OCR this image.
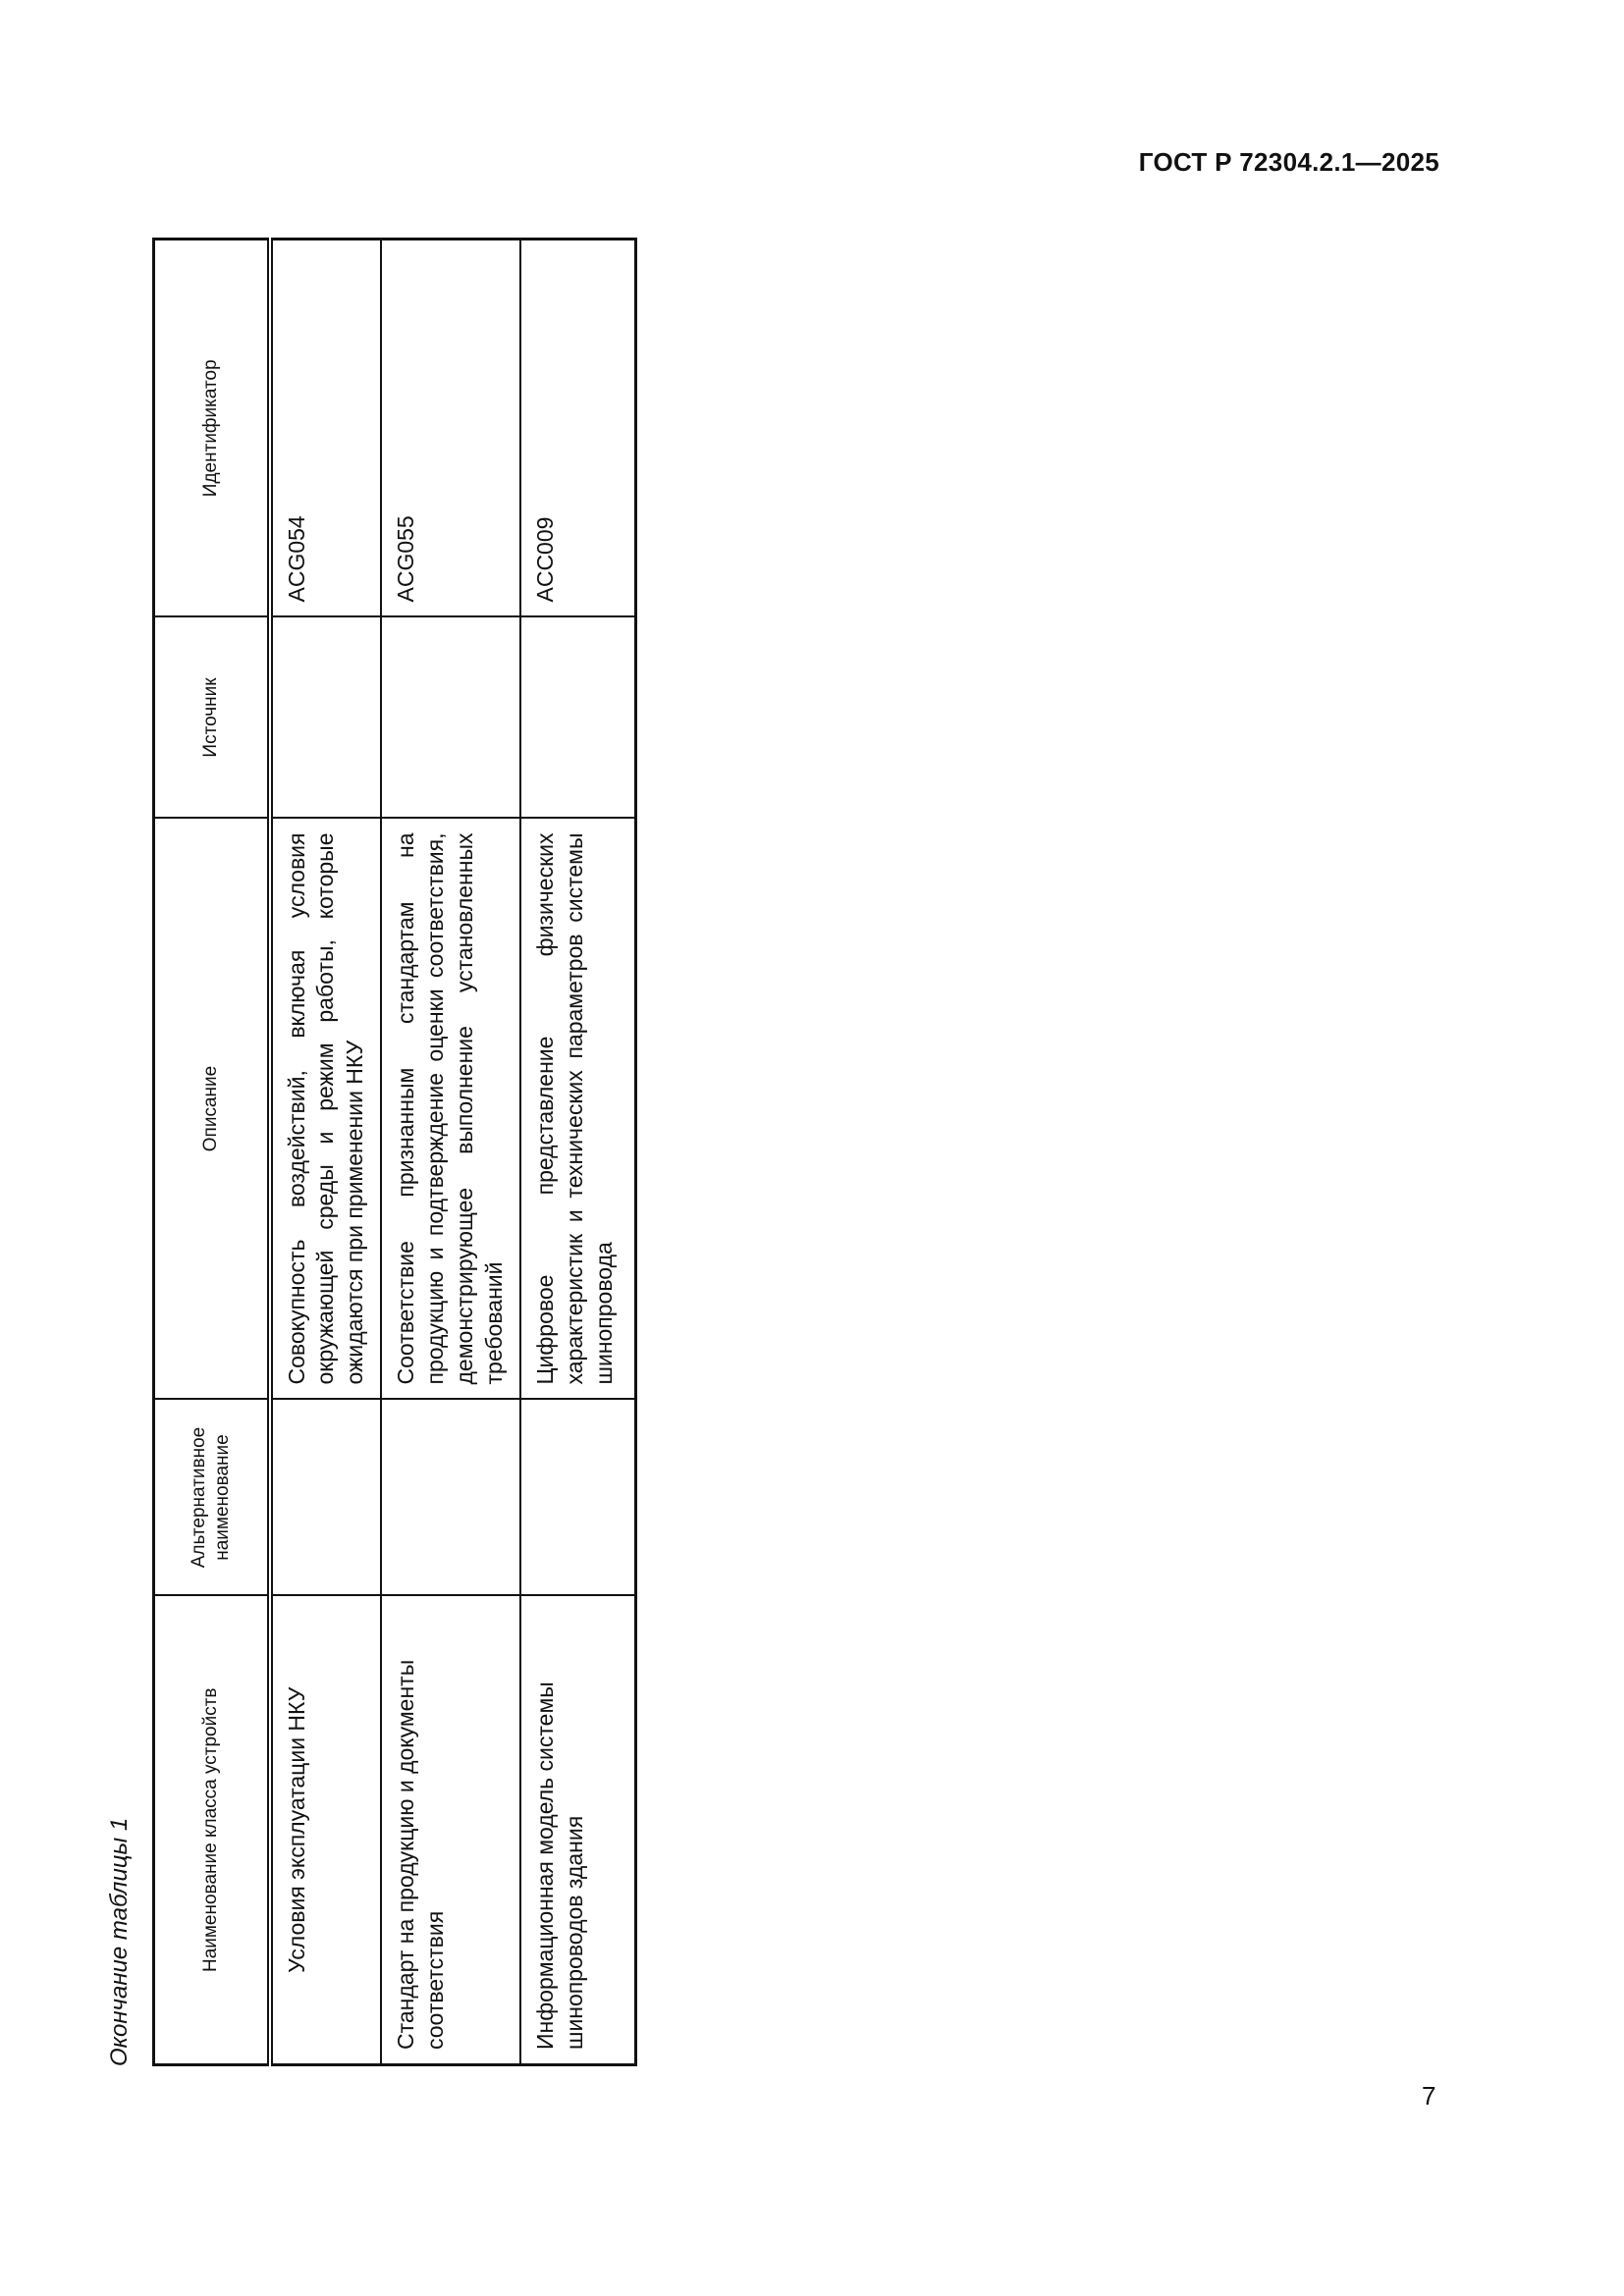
ГОСТ Р 72304.2.1—2025
Окончание таблицы 1	Наименование класса устройств	Альтернативное наименование	Описание	Источник	Идентификатор
Условия эксплуатации НКУ		Совокупность воздействий, включая условия окружающей среды и режим работы, которые ожидаются при применении НКУ		ACG054
Стандарт на продукцию и документы соответствия		Соответствие признанным стандартам на продукцию и подтверждение оценки соответствия, демонстрирующее выполнение установленных требований		ACG055
Информационная модель системы шинопроводов здания		Цифровое представление физических характеристик и технических параметров системы шинопровода		ACC009
7
